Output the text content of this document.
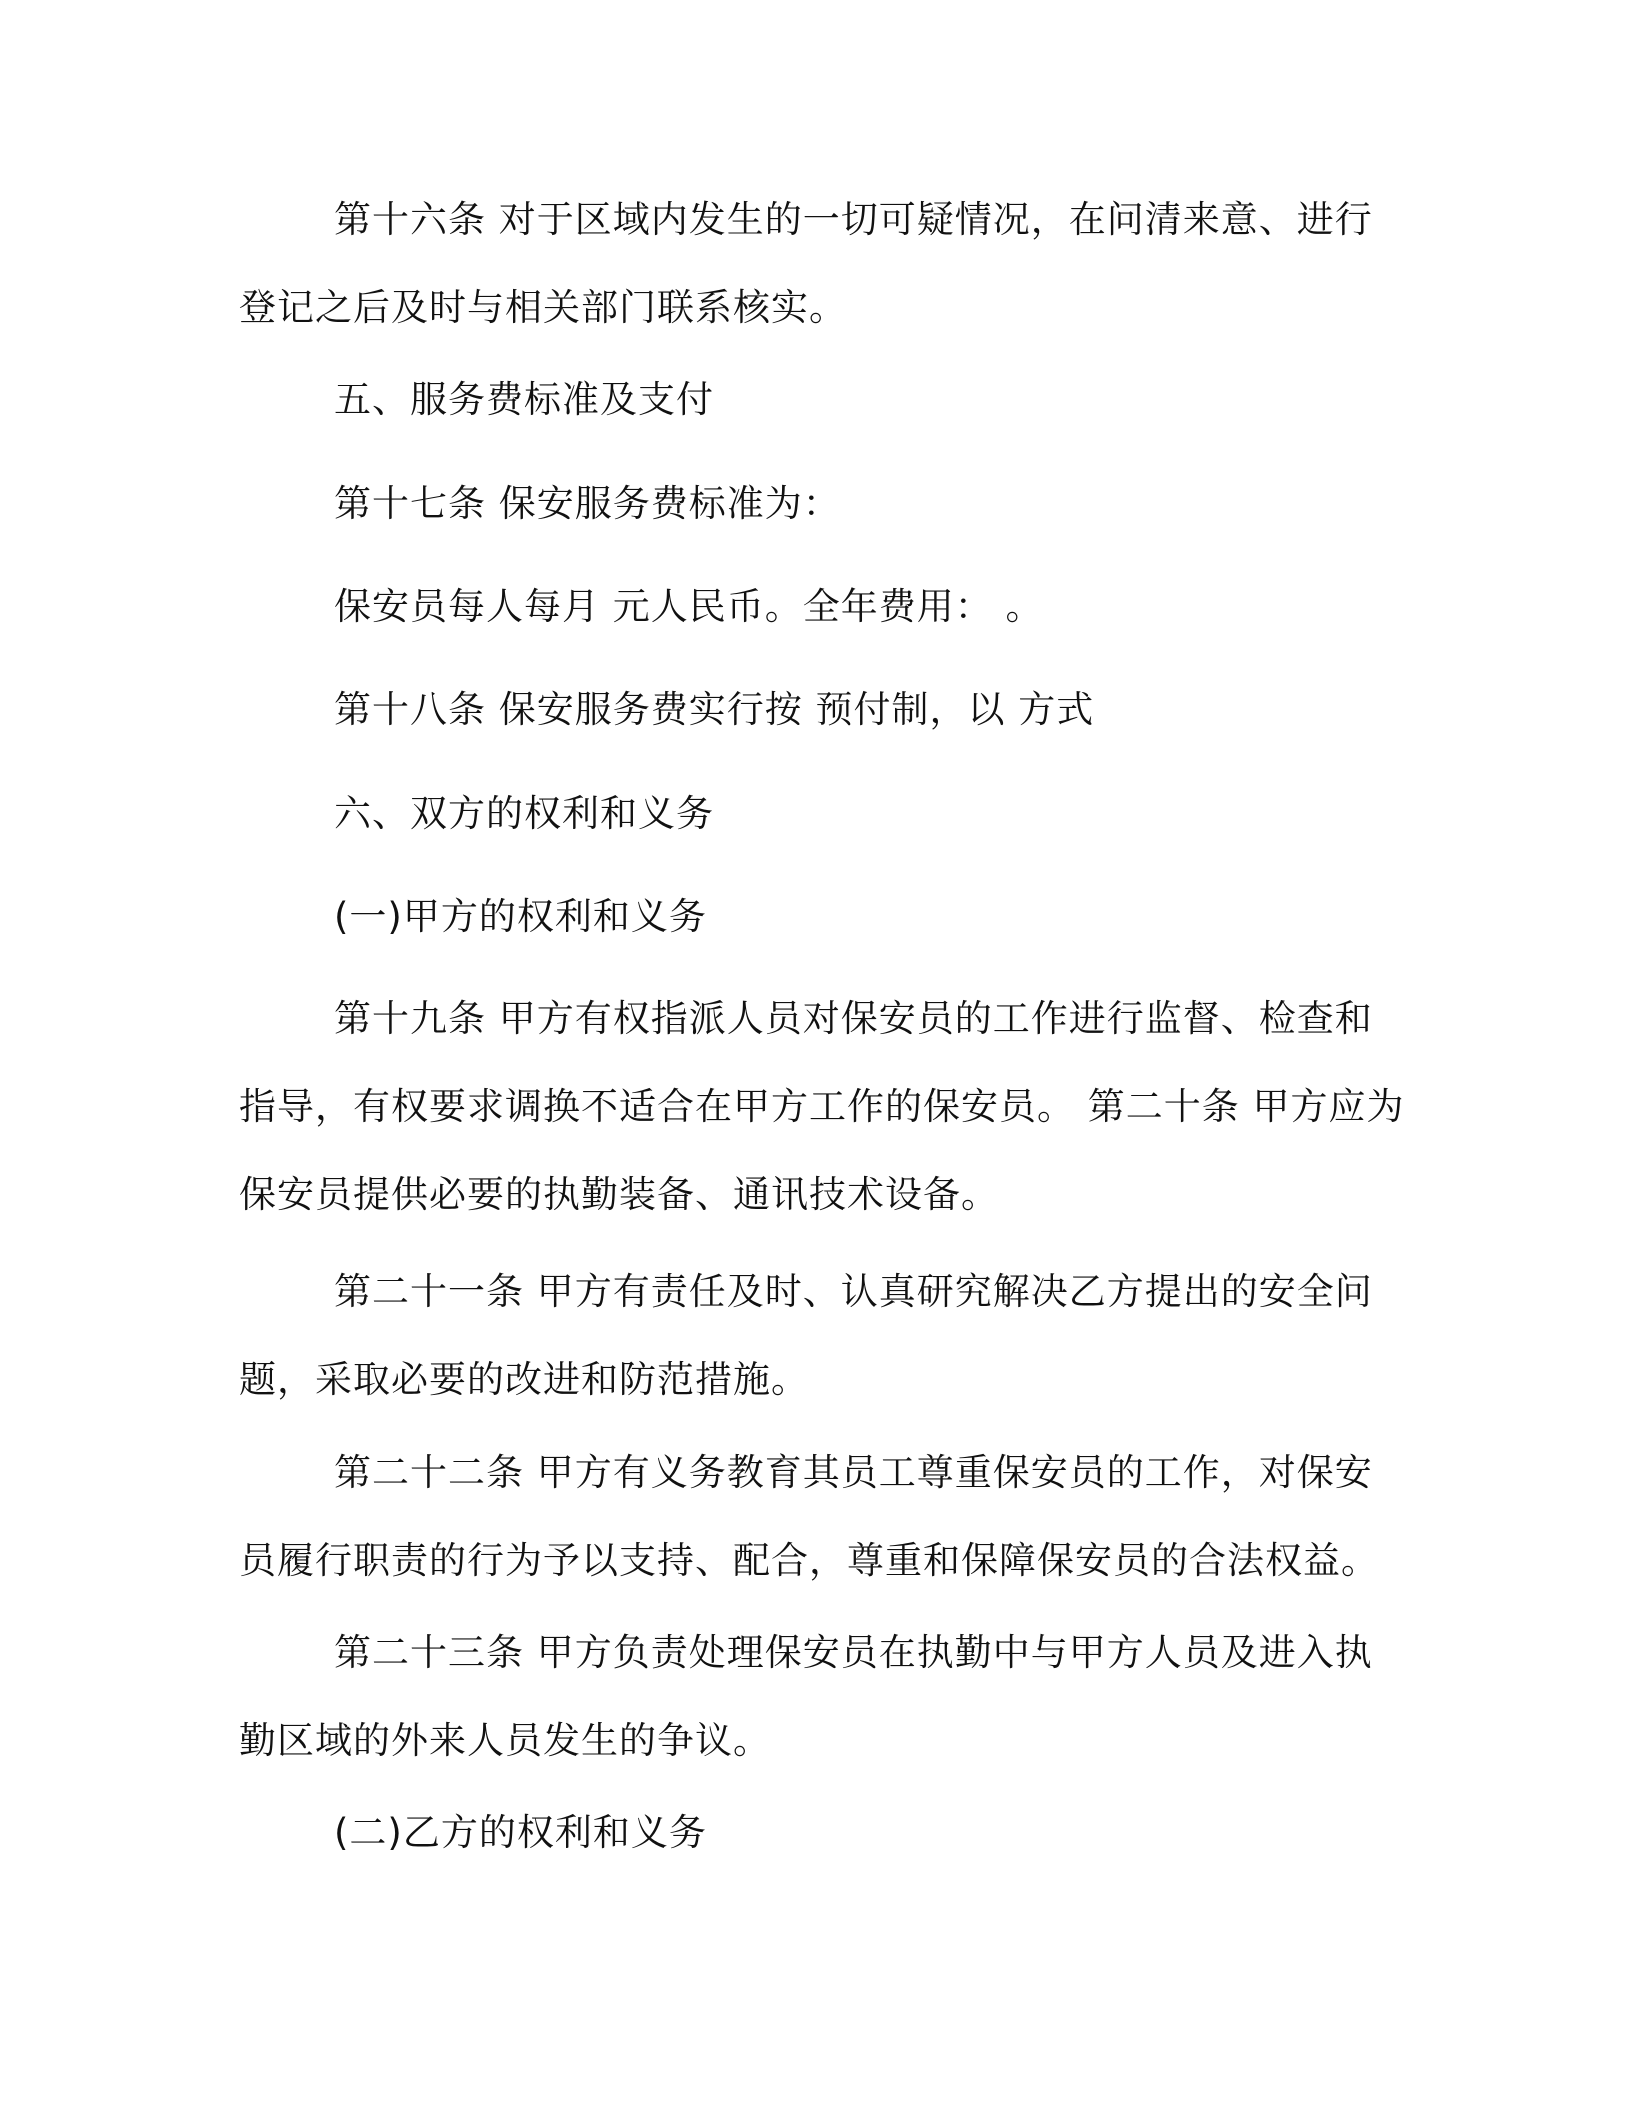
第十六条 对于区域内发生的一切可疑情况，在问清来意、进行登记之后及时与相关部门联系核实。

五、服务费标准及支付

第十七条 保安服务费标准为：

保安员每人每月 元人民币。全年费用： 。

第十八条 保安服务费实行按 预付制，以 方式

六、双方的权利和义务

(一)甲方的权利和义务

第十九条 甲方有权指派人员对保安员的工作进行监督、检查和指导，有权要求调换不适合在甲方工作的保安员。 第二十条 甲方应为保安员提供必要的执勤装备、通讯技术设备。

第二十一条 甲方有责任及时、认真研究解决乙方提出的安全问题，采取必要的改进和防范措施。

第二十二条 甲方有义务教育其员工尊重保安员的工作，对保安员履行职责的行为予以支持、配合，尊重和保障保安员的合法权益。

第二十三条 甲方负责处理保安员在执勤中与甲方人员及进入执勤区域的外来人员发生的争议。

(二)乙方的权利和义务
